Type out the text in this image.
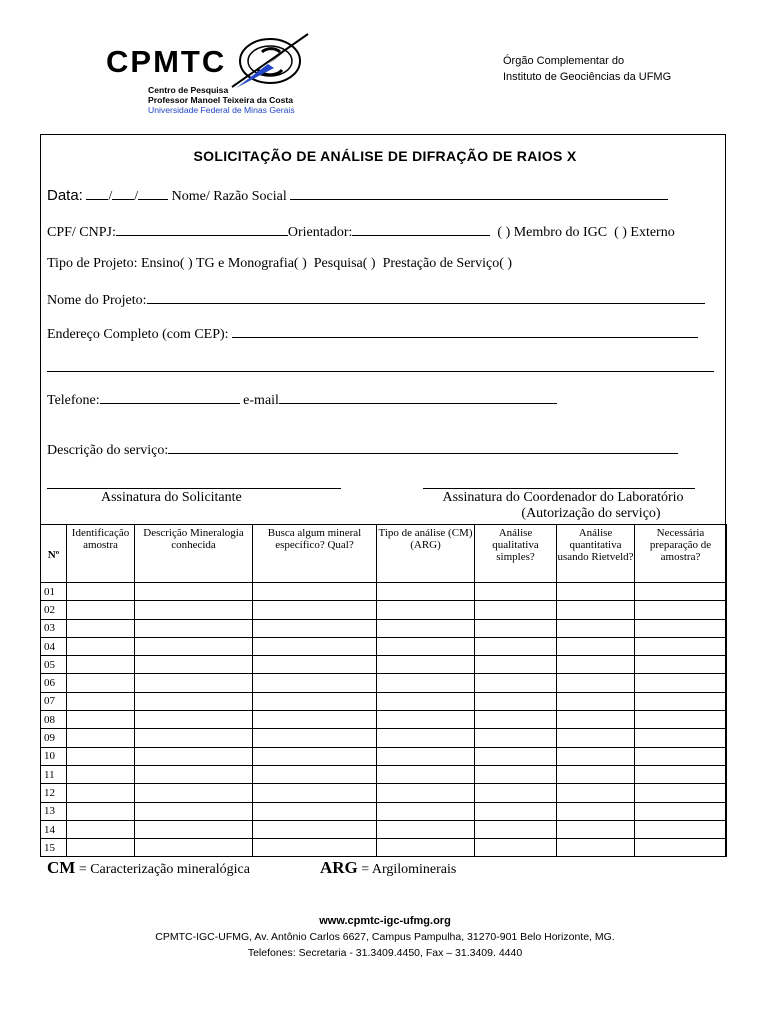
CPMTC
Centro de Pesquisa
Professor Manoel Teixeira da Costa
Universidade Federal de Minas Gerais
Órgão Complementar do
Instituto de Geociências da UFMG
SOLICITAÇÃO DE ANÁLISE DE DIFRAÇÃO DE RAIOS X
Data: / / Nome/ Razão Social
CPF/ CNPJ:	Orientador:	( ) Membro do IGC ( ) Externo
Tipo de Projeto: Ensino( ) TG e Monografia( )  Pesquisa( )  Prestação de Serviço( )
Nome do Projeto:
Endereço Completo (com CEP):
Telefone:	e-mail
Descrição do serviço:
Assinatura do Solicitante	Assinatura do Coordenador do Laboratório
(Autorização do serviço)
Nº	Identificação amostra	Descrição Mineralogia conhecida	Busca algum mineral específico? Qual?	Tipo de análise (CM)(ARG)	Análise qualitativa simples?	Análise quantitativa usando Rietveld?	Necessária preparação de amostra?
01							
02							
03							
04							
05							
06							
07							
08							
09							
10							
11							
12							
13							
14							
15							
CM = Caracterização mineralógica	ARG = Argilominerais
www.cpmtc-igc-ufmg.org
CPMTC-IGC-UFMG, Av. Antônio Carlos 6627, Campus Pampulha, 31270-901 Belo Horizonte, MG.
Telefones: Secretaria - 31.3409.4450, Fax – 31.3409. 4440
